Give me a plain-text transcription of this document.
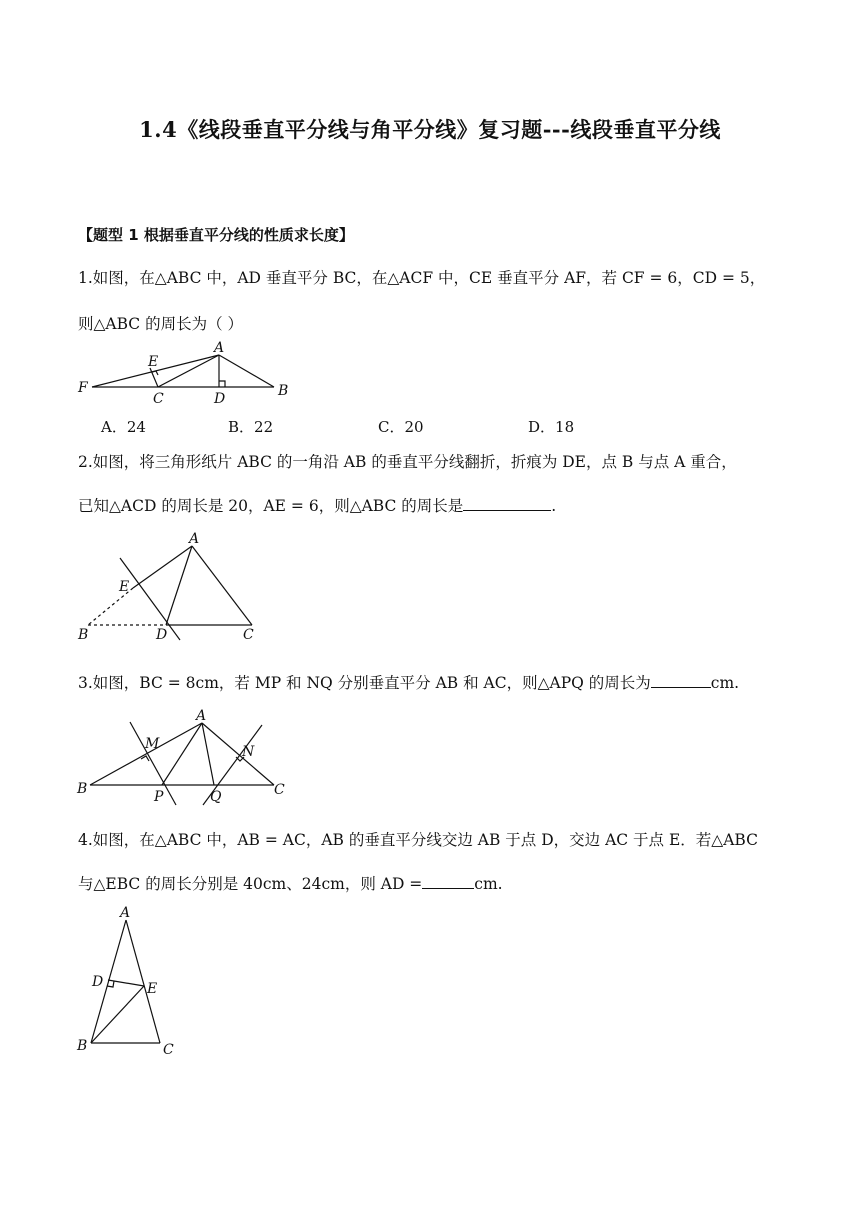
1.4《线段垂直平分线与角平分线》复习题---线段垂直平分线
【题型 1 根据垂直平分线的性质求长度】
1.如图，在△ABC 中，AD 垂直平分 BC，在△ACF 中，CE 垂直平分 AF，若 CF = 6，CD = 5，
则△ABC 的周长为（ ）
F
E
A
C	D	B
A．24	B．22	C．20	D．18
2.如图，将三角形纸片 ABC 的一角沿 AB 的垂直平分线翻折，折痕为 DE，点 B 与点 A 重合，
已知△ACD 的周长是 20，AE = 6，则△ABC 的周长是	.
A
E
B	D	C
3.如图，BC = 8cm，若 MP 和 NQ 分别垂直平分 AB 和 AC，则△APQ 的周长为	cm.
A
M	N
B	P	Q	C
4.如图，在△ABC 中，AB = AC，AB 的垂直平分线交边 AB 于点 D，交边 AC 于点 E．若△ABC
与△EBC 的周长分别是 40cm、24cm，则 AD =	cm.
A
D	E
B	C
